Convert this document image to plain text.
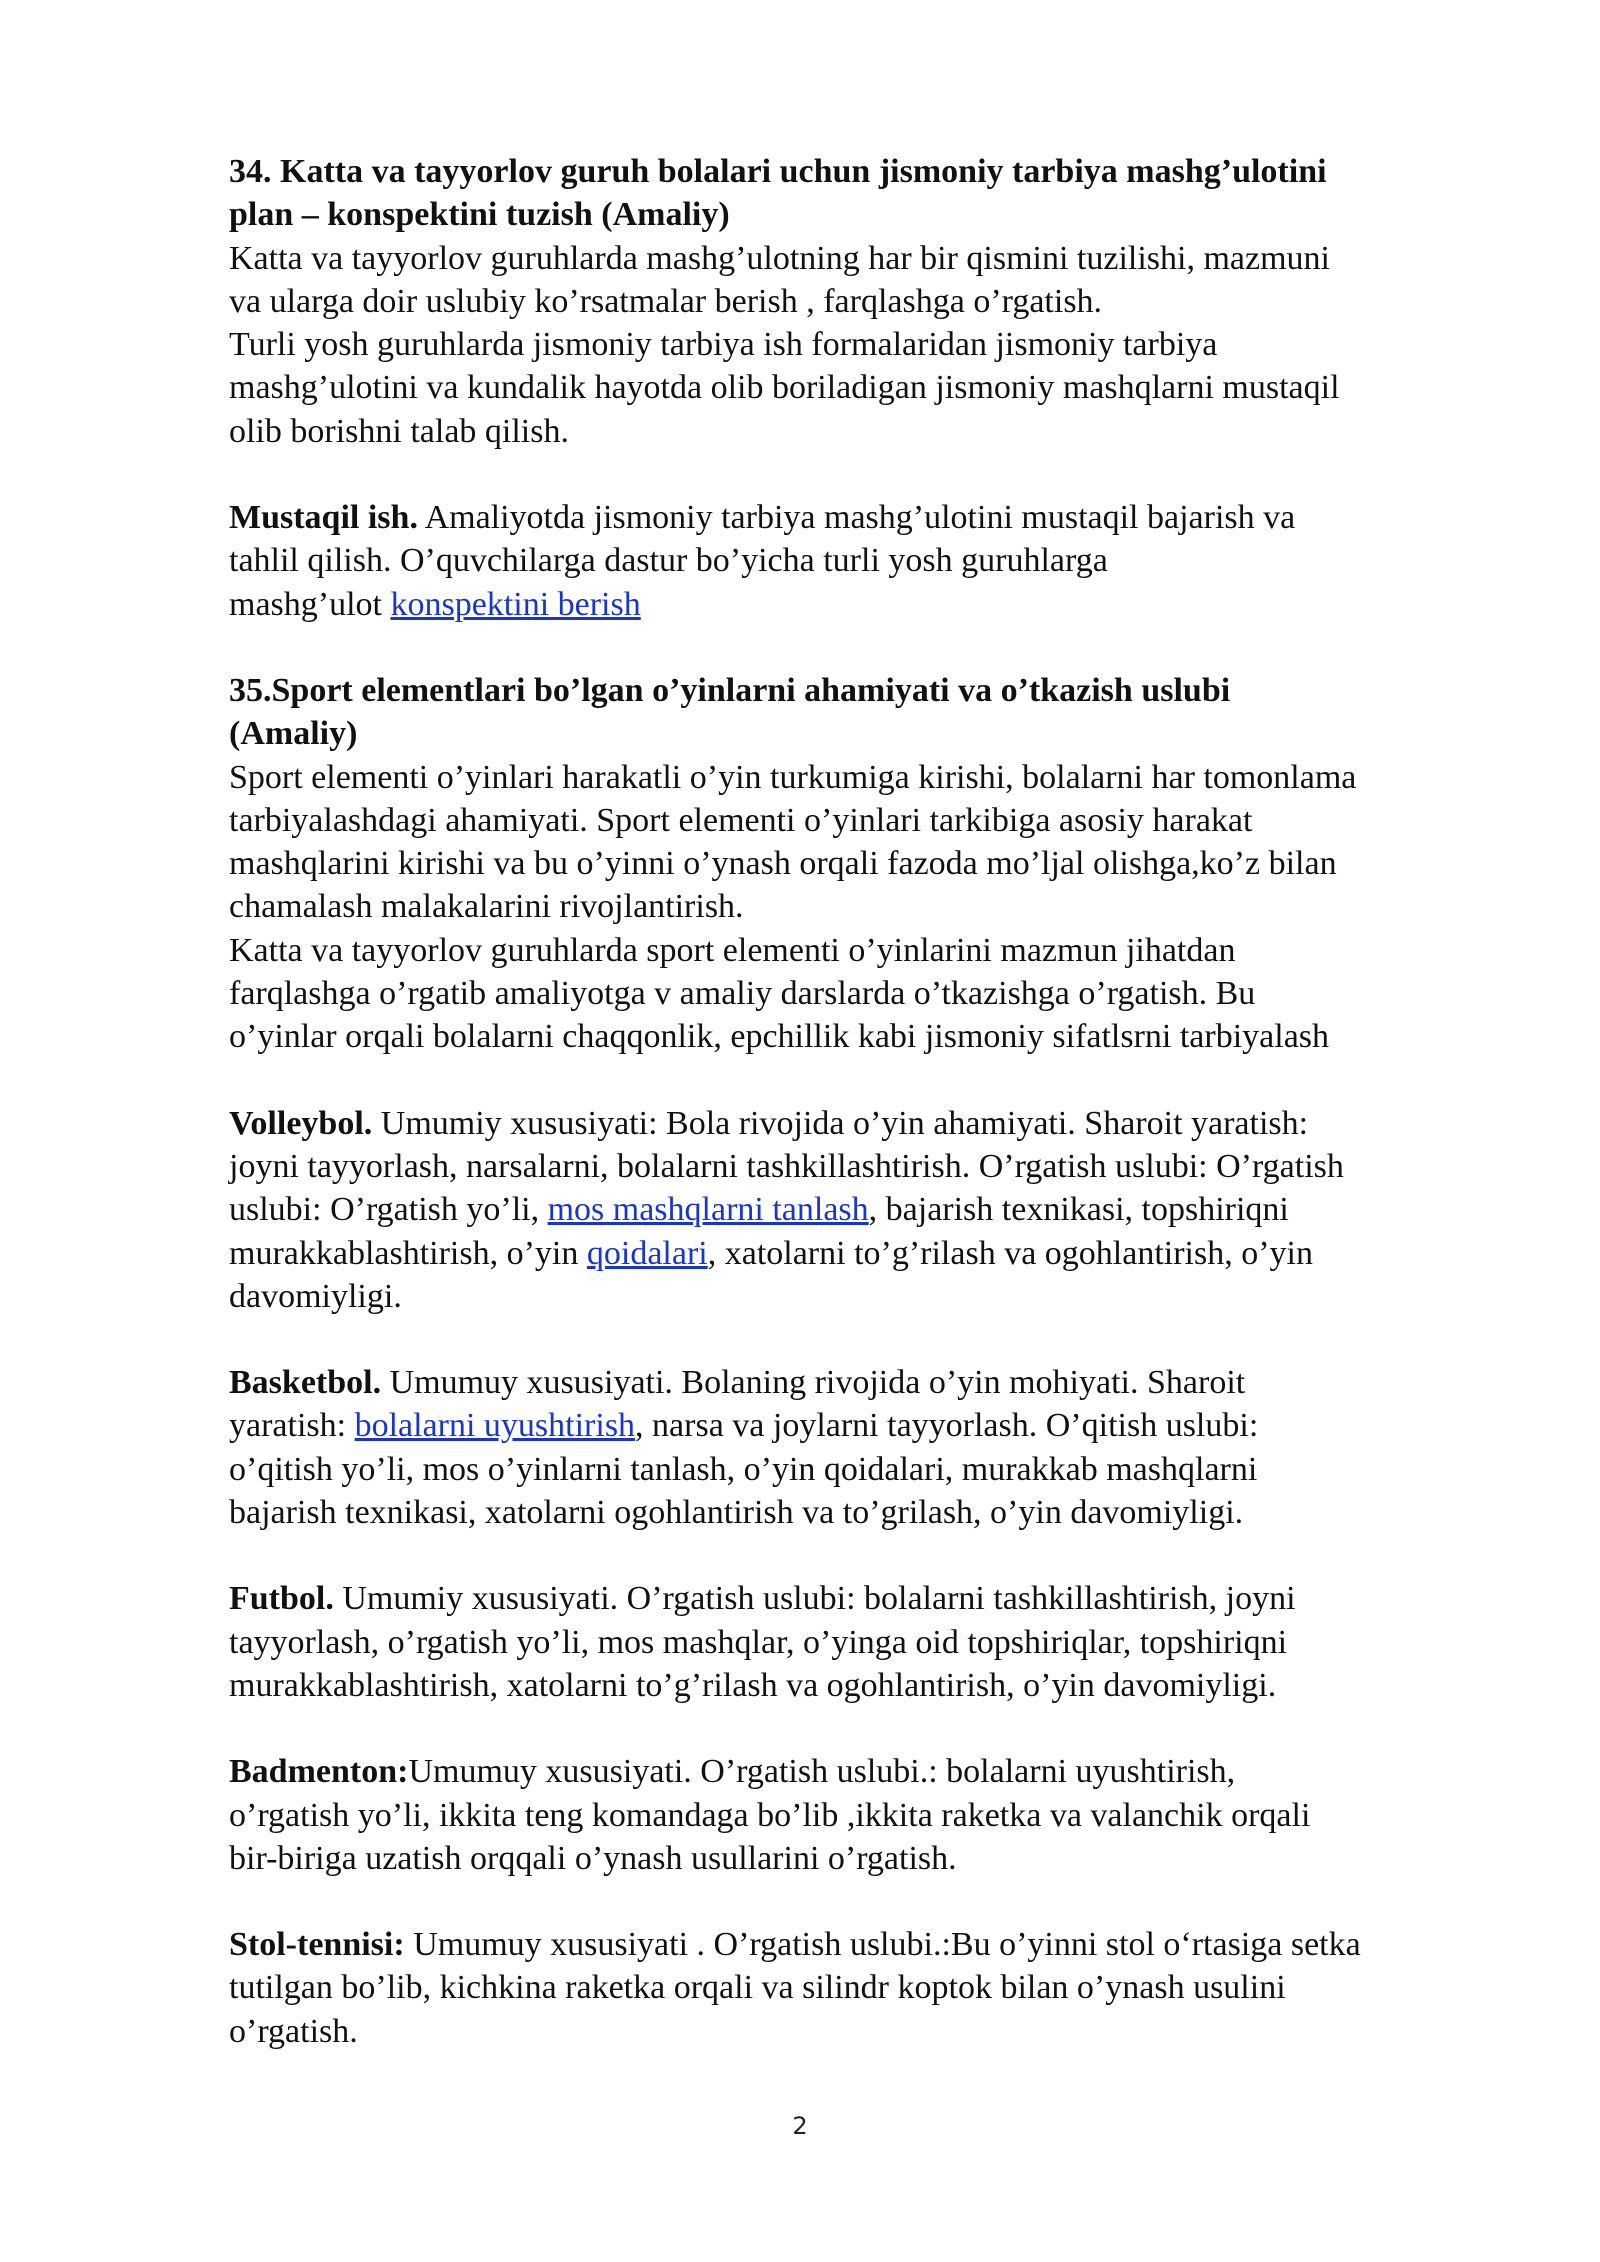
34. Katta va tayyorlov guruh bolalari uchun jismoniy tarbiya mashg’ulotini
plan – konspektini tuzish (Amaliy)

Katta va tayyorlov guruhlarda mashg’ulotning har bir qismini tuzilishi, mazmuni
va ularga doir uslubiy ko’rsatmalar berish , farqlashga o’rgatish.

Turli yosh guruhlarda jismoniy tarbiya ish formalaridan jismoniy tarbiya
mashg’ulotini va kundalik hayotda olib boriladigan jismoniy mashqlarni mustaqil
olib borishni talab qilish.

Mustaqil ish. Amaliyotda jismoniy tarbiya mashg’ulotini mustaqil bajarish va
tahlil qilish. O’quvchilarga dastur bo’yicha turli yosh guruhlarga
mashg’ulot konspektini berish

35.Sport elementlari bo’lgan o’yinlarni ahamiyati va o’tkazish uslubi
(Amaliy)

Sport elementi o’yinlari harakatli o’yin turkumiga kirishi, bolalarni har tomonlama
tarbiyalashdagi ahamiyati. Sport elementi o’yinlari tarkibiga asosiy harakat
mashqlarini kirishi va bu o’yinni o’ynash orqali fazoda mo’ljal olishga,ko’z bilan
chamalash malakalarini rivojlantirish.

Katta va tayyorlov guruhlarda sport elementi o’yinlarini mazmun jihatdan
farqlashga o’rgatib amaliyotga v amaliy darslarda o’tkazishga o’rgatish. Bu
o’yinlar orqali bolalarni chaqqonlik, epchillik kabi jismoniy sifatlsrni tarbiyalash

Volleybol. Umumiy xususiyati: Bola rivojida o’yin ahamiyati. Sharoit yaratish:
joyni tayyorlash, narsalarni, bolalarni tashkillashtirish. O’rgatish uslubi: O’rgatish
uslubi: O’rgatish yo’li, mos mashqlarni tanlash, bajarish texnikasi, topshiriqni
murakkablashtirish, o’yin qoidalari, xatolarni to’g’rilash va ogohlantirish, o’yin
davomiyligi.

Basketbol. Umumuy xususiyati. Bolaning rivojida o’yin mohiyati. Sharoit
yaratish: bolalarni uyushtirish, narsa va joylarni tayyorlash. O’qitish uslubi:
o’qitish yo’li, mos o’yinlarni tanlash, o’yin qoidalari, murakkab mashqlarni
bajarish texnikasi, xatolarni ogohlantirish va to’grilash, o’yin davomiyligi.

Futbol. Umumiy xususiyati. O’rgatish uslubi: bolalarni tashkillashtirish, joyni
tayyorlash, o’rgatish yo’li, mos mashqlar, o’yinga oid topshiriqlar, topshiriqni
murakkablashtirish, xatolarni to’g’rilash va ogohlantirish, o’yin davomiyligi.

Badmenton:Umumuy xususiyati. O’rgatish uslubi.: bolalarni uyushtirish,
o’rgatish yo’li, ikkita teng komandaga bo’lib ,ikkita raketka va valanchik orqali
bir-biriga uzatish orqqali o’ynash usullarini o’rgatish.

Stol-tennisi: Umumuy xususiyati . O’rgatish uslubi.:Bu o’yinni stol oʻrtasiga setka
tutilgan bo’lib, kichkina raketka orqali va silindr koptok bilan o’ynash usulini
o’rgatish.

2
